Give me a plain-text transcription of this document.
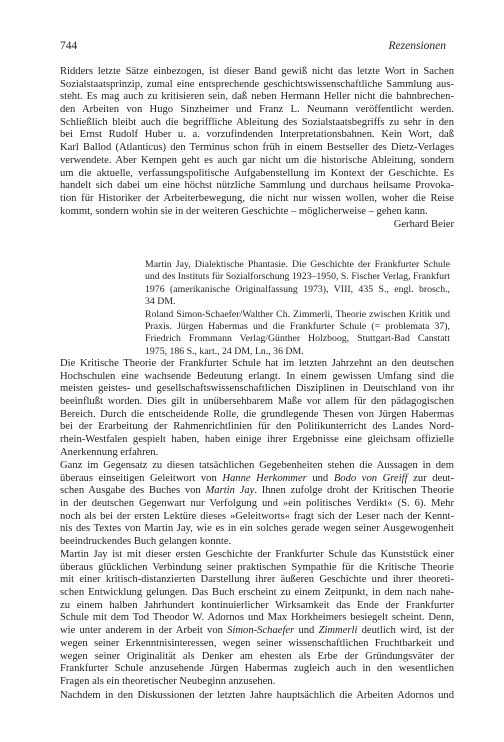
744	Rezensionen
Ridders letzte Sätze einbezogen, ist dieser Band gewiß nicht das letzte Wort in Sachen
Sozialstaatsprinzip, zumal eine entsprechende geschichtswissenschaftliche Sammlung aus-
steht. Es mag auch zu kritisieren sein, daß neben Hermann Heller nicht die bahnbrechen-
den Arbeiten von Hugo Sinzheimer und Franz L. Neumann veröffentlicht werden.
Schließlich bleibt auch die begriffliche Ableitung des Sozialstaatsbegriffs zu sehr in den
bei Ernst Rudolf Huber u. a. vorzufindenden Interpretationsbahnen. Kein Wort, daß
Karl Ballod (Atlanticus) den Terminus schon früh in einem Bestseller des Dietz-Verlages
verwendete. Aber Kempen geht es auch gar nicht um die historische Ableitung, sondern
um die aktuelle, verfassungspolitische Aufgabenstellung im Kontext der Geschichte. Es
handelt sich dabei um eine höchst nützliche Sammlung und durchaus heilsame Provoka-
tion für Historiker der Arbeiterbewegung, die nicht nur wissen wollen, woher die Reise
kommt, sondern wohin sie in der weiteren Geschichte – möglicherweise – gehen kann.
Gerhard Beier
Martin Jay, Dialektische Phantasie. Die Geschichte der Frankfurter Schule
und des Instituts für Sozialforschung 1923–1950, S. Fischer Verlag, Frankfurt
1976 (amerikanische Originalfassung 1973), VIII, 435 S., engl. brosch.,
34 DM.
Roland Simon-Schaefer/Walther Ch. Zimmerli, Theorie zwischen Kritik und
Praxis. Jürgen Habermas und die Frankfurter Schule (= problemata 37),
Friedrich Frommann Verlag/Günther Holzboog, Stuttgart-Bad Canstatt
1975, 186 S., kart., 24 DM, Ln., 36 DM.
Die Kritische Theorie der Frankfurter Schule hat im letzten Jahrzehnt an den deutschen
Hochschulen eine wachsende Bedeutung erlangt. In einem gewissen Umfang sind die
meisten geistes- und gesellschaftswissenschaftlichen Disziplinen in Deutschland von ihr
beeinflußt worden. Dies gilt in unübersehbarem Maße vor allem für den pädagogischen
Bereich. Durch die entscheidende Rolle, die grundlegende Thesen von Jürgen Habermas
bei der Erarbeitung der Rahmenrichtlinien für den Politikunterricht des Landes Nord-
rhein-Westfalen gespielt haben, haben einige ihrer Ergebnisse eine gleichsam offizielle
Anerkennung erfahren.
Ganz im Gegensatz zu diesen tatsächlichen Gegebenheiten stehen die Aussagen in dem
überaus einseitigen Geleitwort von Hanne Herkommer und Bodo von Greiff zur deut-
schen Ausgabe des Buches von Martin Jay. Ihnen zufolge droht der Kritischen Theorie
in der deutschen Gegenwart nur Verfolgung und »ein politisches Verdikt« (S. 6). Mehr
noch als bei der ersten Lektüre dieses »Geleitworts« fragt sich der Leser nach der Kennt-
nis des Textes von Martin Jay, wie es in ein solches gerade wegen seiner Ausgewogenheit
beeindruckendes Buch gelangen konnte.
Martin Jay ist mit dieser ersten Geschichte der Frankfurter Schule das Kunststück einer
überaus glücklichen Verbindung seiner praktischen Sympathie für die Kritische Theorie
mit einer kritisch-distanzierten Darstellung ihrer äußeren Geschichte und ihrer theoreti-
schen Entwicklung gelungen. Das Buch erscheint zu einem Zeitpunkt, in dem nach nahe-
zu einem halben Jahrhundert kontinuierlicher Wirksamkeit das Ende der Frankfurter
Schule mit dem Tod Theodor W. Adornos und Max Horkheimers besiegelt scheint. Denn,
wie unter anderem in der Arbeit von Simon-Schaefer und Zimmerli deutlich wird, ist der
wegen seiner Erkenntnisinteressen, wegen seiner wissenschaftlichen Fruchtbarkeit und
wegen seiner Originalität als Denker am ehesten als Erbe der Gründungsväter der
Frankfurter Schule anzusehende Jürgen Habermas zugleich auch in den wesentlichen
Fragen als ein theoretischer Neubeginn anzusehen.
Nachdem in den Diskussionen der letzten Jahre hauptsächlich die Arbeiten Adornos und
